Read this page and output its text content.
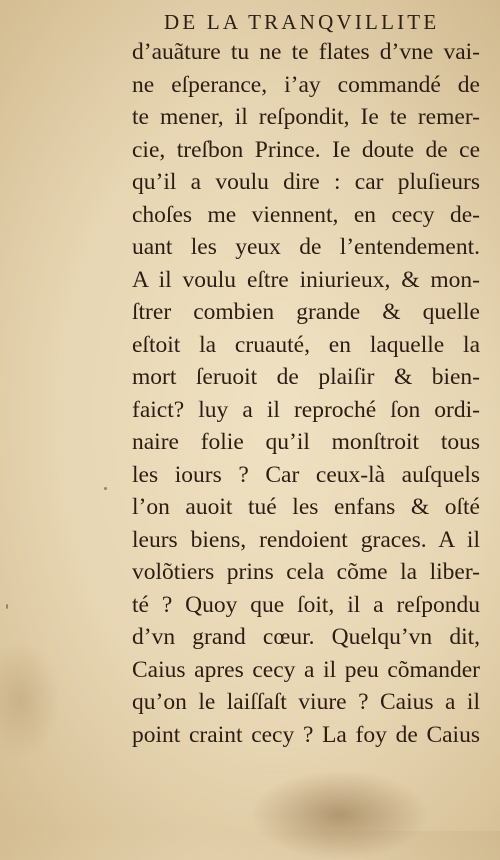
DE LA TRANQVILLITE
d’auãture tu ne te flates d’vne vai-
ne eſperance, i’ay commandé de
te mener, il reſpondit, Ie te remer-
cie, treſbon Prince. Ie doute de ce
qu’il a voulu dire : car pluſieurs
choſes me viennent, en cecy de-
uant les yeux de l’entendement.
A il voulu eſtre iniurieux, & mon-
ſtrer combien grande & quelle
eſtoit la cruauté, en laquelle la
mort ſeruoit de plaiſir & bien-
faict? luy a il reproché ſon ordi-
naire folie qu’il monſtroit tous
les iours ? Car ceux-là auſquels
l’on auoit tué les enfans & oſté
leurs biens, rendoient graces. A il
volõtiers prins cela cõme la liber-
té ? Quoy que ſoit, il a reſpondu
d’vn grand cœur. Quelqu’vn dit,
Caius apres cecy a il peu cõmander
qu’on le laiſſaſt viure ? Caius a il
point craint cecy ? La foy de Caius
